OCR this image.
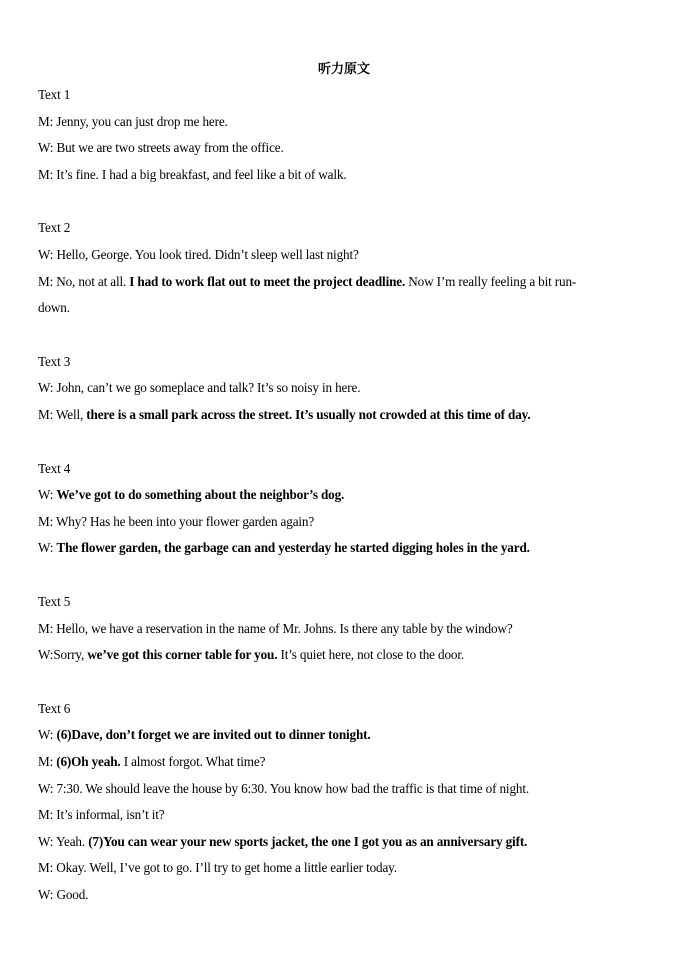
听力原文
Text 1
M: Jenny, you can just drop me here.
W: But we are two streets away from the office.
M: It’s fine. I had a big breakfast, and feel like a bit of walk.
Text 2
W: Hello, George. You look tired. Didn’t sleep well last night?
M: No, not at all. I had to work flat out to meet the project deadline. Now I’m really feeling a bit run-
down.
Text 3
W: John, can’t we go someplace and talk? It’s so noisy in here.
M: Well, there is a small park across the street. It’s usually not crowded at this time of day.
Text 4
W: We’ve got to do something about the neighbor’s dog.
M: Why? Has he been into your flower garden again?
W: The flower garden, the garbage can and yesterday he started digging holes in the yard.
Text 5
M: Hello, we have a reservation in the name of Mr. Johns. Is there any table by the window?
W:Sorry, we’ve got this corner table for you. It’s quiet here, not close to the door.
Text 6
W: (6)Dave, don’t forget we are invited out to dinner tonight.
M: (6)Oh yeah. I almost forgot. What time?
W: 7:30. We should leave the house by 6:30. You know how bad the traffic is that time of night.
M: It’s informal, isn’t it?
W: Yeah. (7)You can wear your new sports jacket, the one I got you as an anniversary gift.
M: Okay. Well, I’ve got to go. I’ll try to get home a little earlier today.
W: Good.
